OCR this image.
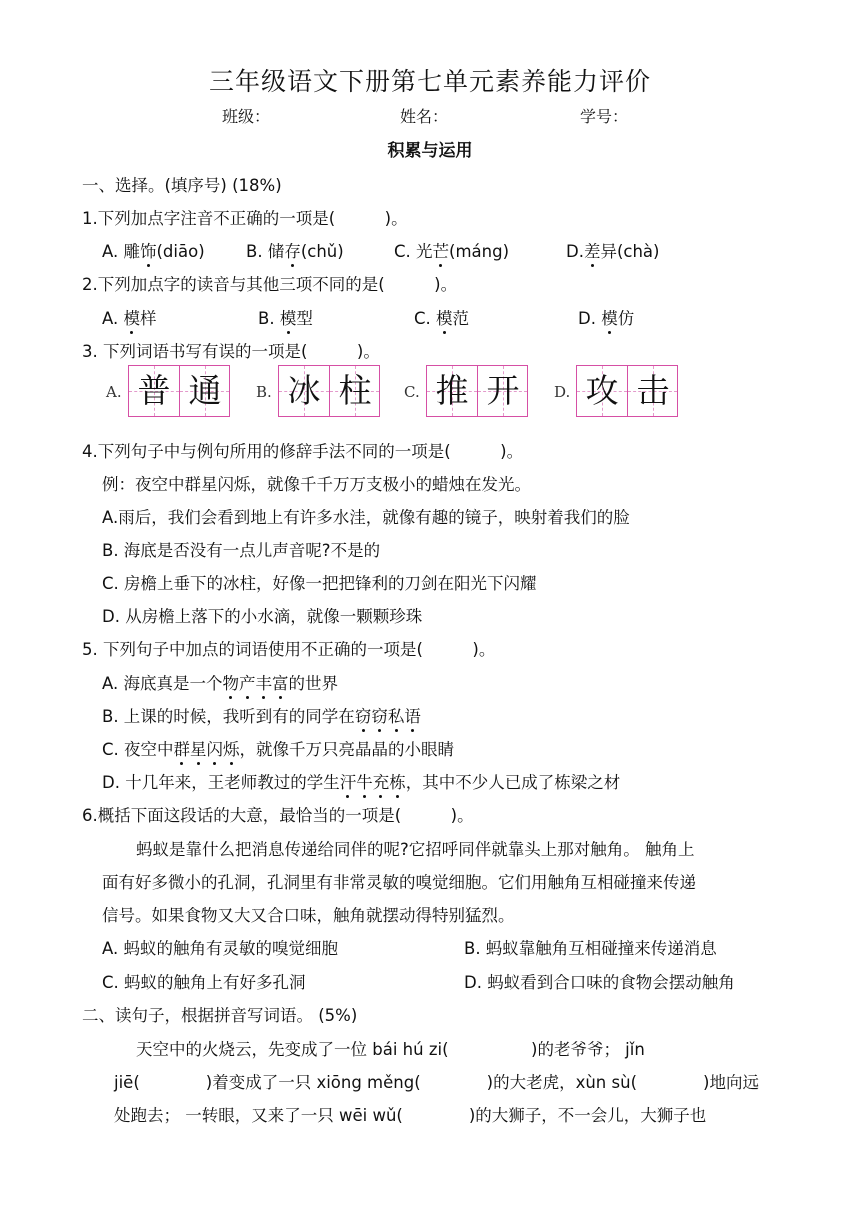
三年级语文下册第七单元素养能力评价
班级：	姓名：	学号：
积累与运用
一、选择。(填序号) (18%)
1.下列加点字注音不正确的一项是(　　　)。
A. 雕饰(diāo)	B. 储存(chǔ)	C. 光芒(máng)	D.差异(chà)
2.下列加点字的读音与其他三项不同的是(　　　)。
A. 模样	B. 模型	C. 模范	D. 模仿
3. 下列词语书写有误的一项是(　　　)。
A. 普 通	B. 冰 柱	C. 推 开	D. 攻 击
4.下列句子中与例句所用的修辞手法不同的一项是(　　　)。
例：夜空中群星闪烁，就像千千万万支极小的蜡烛在发光。
A.雨后，我们会看到地上有许多水洼，就像有趣的镜子，映射着我们的脸
B. 海底是否没有一点儿声音呢?不是的
C. 房檐上垂下的冰柱，好像一把把锋利的刀剑在阳光下闪耀
D. 从房檐上落下的小水滴，就像一颗颗珍珠
5. 下列句子中加点的词语使用不正确的一项是(　　　)。
A. 海底真是一个物产丰富的世界
B. 上课的时候，我听到有的同学在窃窃私语
C. 夜空中群星闪烁，就像千万只亮晶晶的小眼睛
D. 十几年来，王老师教过的学生汗牛充栋，其中不少人已成了栋梁之材
6.概括下面这段话的大意，最恰当的一项是(　　　)。
蚂蚁是靠什么把消息传递给同伴的呢?它招呼同伴就靠头上那对触角。 触角上
面有好多微小的孔洞，孔洞里有非常灵敏的嗅觉细胞。它们用触角互相碰撞来传递
信号。如果食物又大又合口味，触角就摆动得特别猛烈。
A. 蚂蚁的触角有灵敏的嗅觉细胞	B. 蚂蚁靠触角互相碰撞来传递消息
C. 蚂蚁的触角上有好多孔洞	D. 蚂蚁看到合口味的食物会摆动触角
二、读句子，根据拼音写词语。 (5%)
天空中的火烧云，先变成了一位 bái hú zi(　　　　　)的老爷爷； jǐn
jiē(　　　　)着变成了一只 xiōng měng(　　　　)的大老虎，xùn sù(　　　　)地向远
处跑去； 一转眼，又来了一只 wēi wǔ(　　　　)的大狮子，不一会儿，大狮子也
